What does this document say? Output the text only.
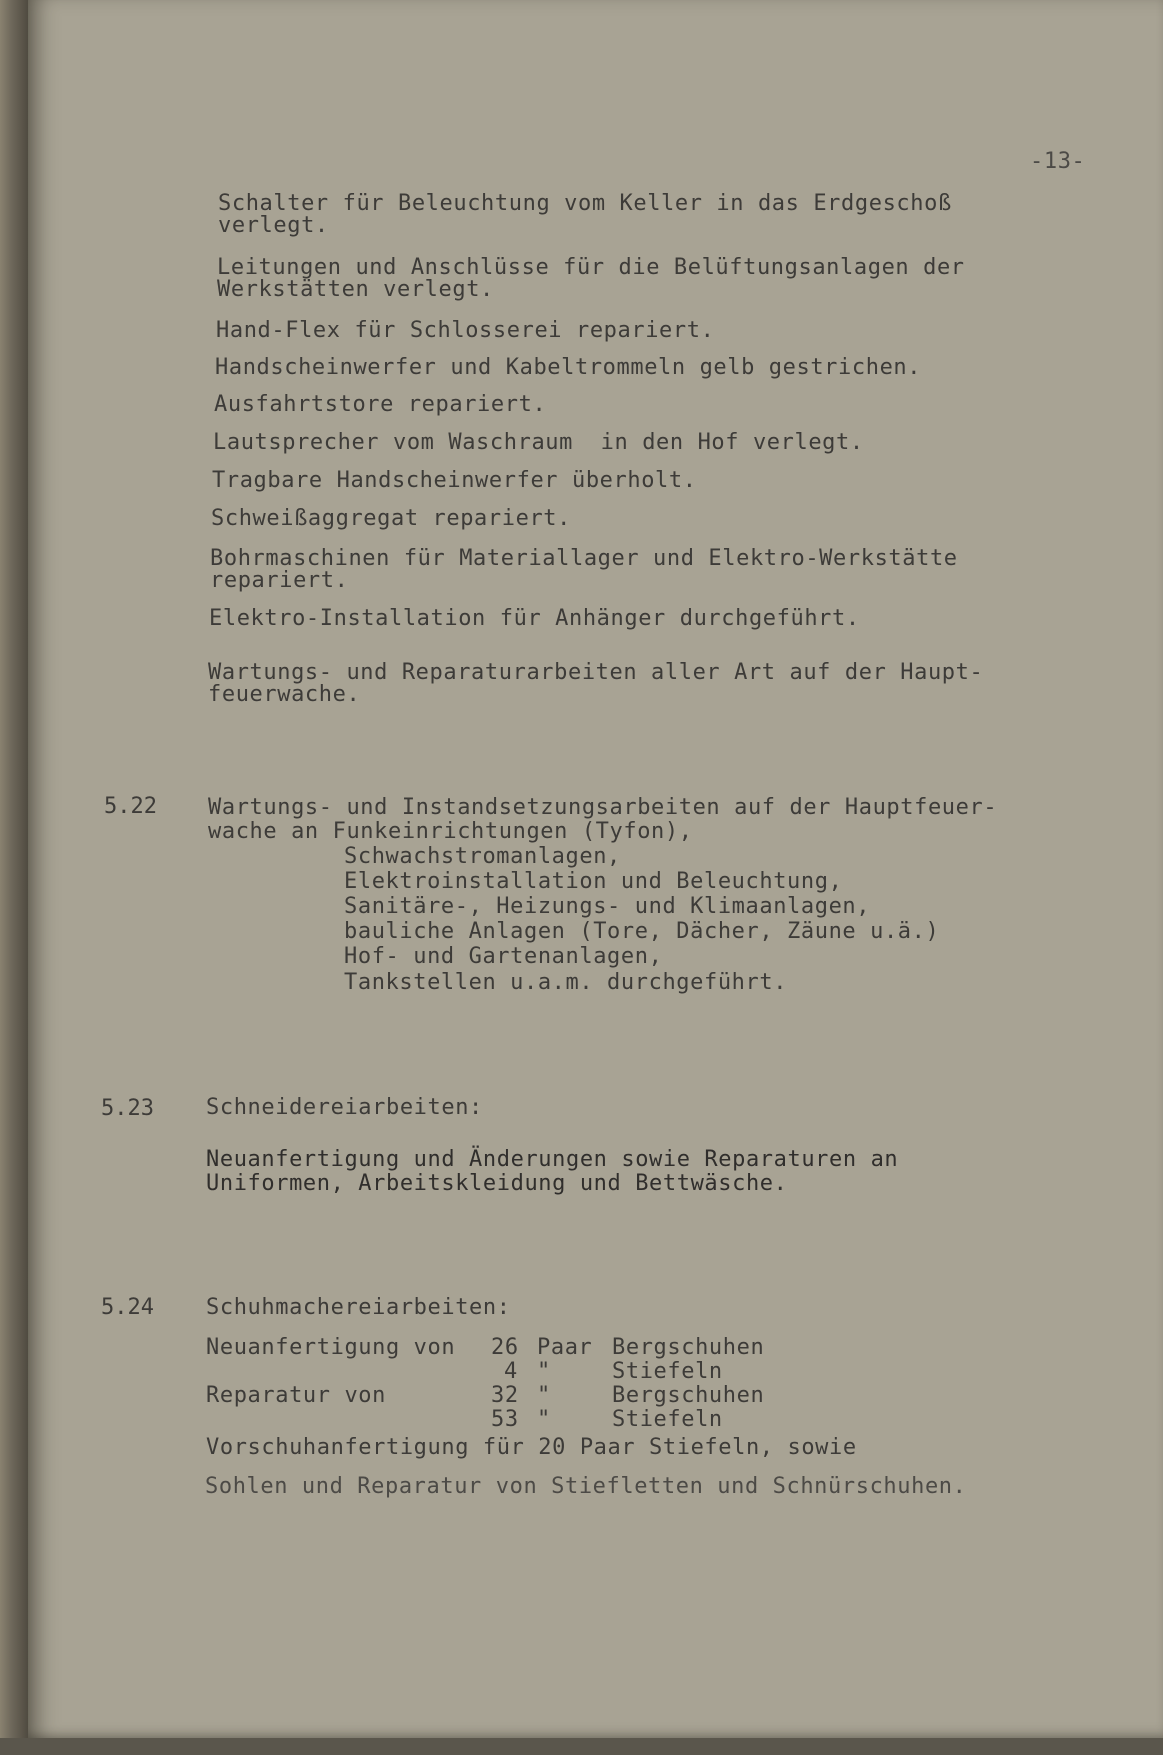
-13-
Schalter für Beleuchtung vom Keller in das Erdgeschoß
verlegt.
Leitungen und Anschlüsse für die Belüftungsanlagen der
Werkstätten verlegt.
Hand-Flex für Schlosserei repariert.
Handscheinwerfer und Kabeltrommeln gelb gestrichen.
Ausfahrtstore repariert.
Lautsprecher vom Waschraum  in den Hof verlegt.
Tragbare Handscheinwerfer überholt.
Schweißaggregat repariert.
Bohrmaschinen für Materiallager und Elektro-Werkstätte
repariert.
Elektro-Installation für Anhänger durchgeführt.
Wartungs- und Reparaturarbeiten aller Art auf der Haupt-
feuerwache.
5.22 Wartungs- und Instandsetzungsarbeiten auf der Hauptfeuer-
wache an Funkeinrichtungen (Tyfon),
Schwachstromanlagen,
Elektroinstallation und Beleuchtung,
Sanitäre-, Heizungs- und Klimaanlagen,
bauliche Anlagen (Tore, Dächer, Zäune u.ä.)
Hof- und Gartenanlagen,
Tankstellen u.a.m. durchgeführt.
5.23 Schneidereiarbeiten:
Neuanfertigung und Änderungen sowie Reparaturen an
Uniformen, Arbeitskleidung und Bettwäsche.
5.24 Schuhmachereiarbeiten:
Neuanfertigung von 26 Paar Bergschuhen
4 "	Stiefeln
Reparatur von	32 "	Bergschuhen
53 "	Stiefeln
Vorschuhanfertigung für 20 Paar Stiefeln, sowie
Sohlen und Reparatur von Stiefletten und Schnürschuhen.
